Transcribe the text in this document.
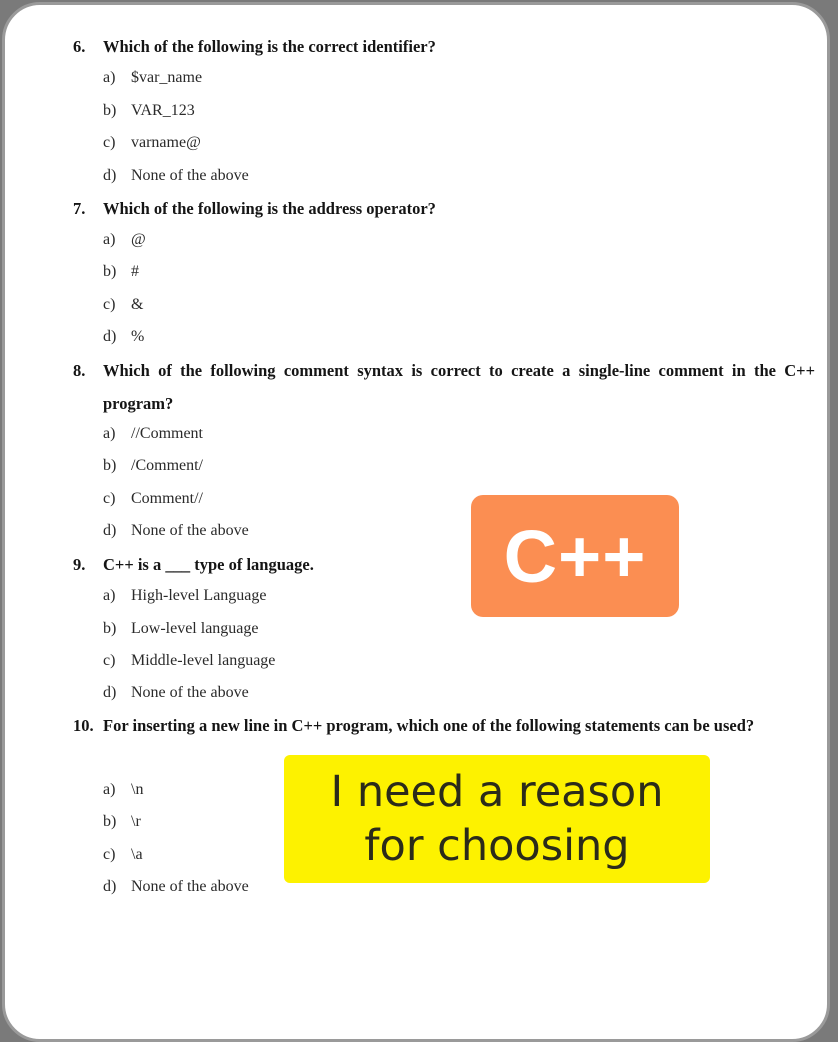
6. Which of the following is the correct identifier?
a) $var_name
b) VAR_123
c) varname@
d) None of the above
7. Which of the following is the address operator?
a) @
b) #
c) &
d) %
8. Which of the following comment syntax is correct to create a single-line comment in the C++ program?
a) //Comment
b) /Comment/
c) Comment//
d) None of the above
9. C++ is a ___ type of language.
a) High-level Language
b) Low-level language
c) Middle-level language
d) None of the above
10. For inserting a new line in C++ program, which one of the following statements can be used?
a) \n
b) \r
c) \a
d) None of the above
C++
I need a reason
for choosing
